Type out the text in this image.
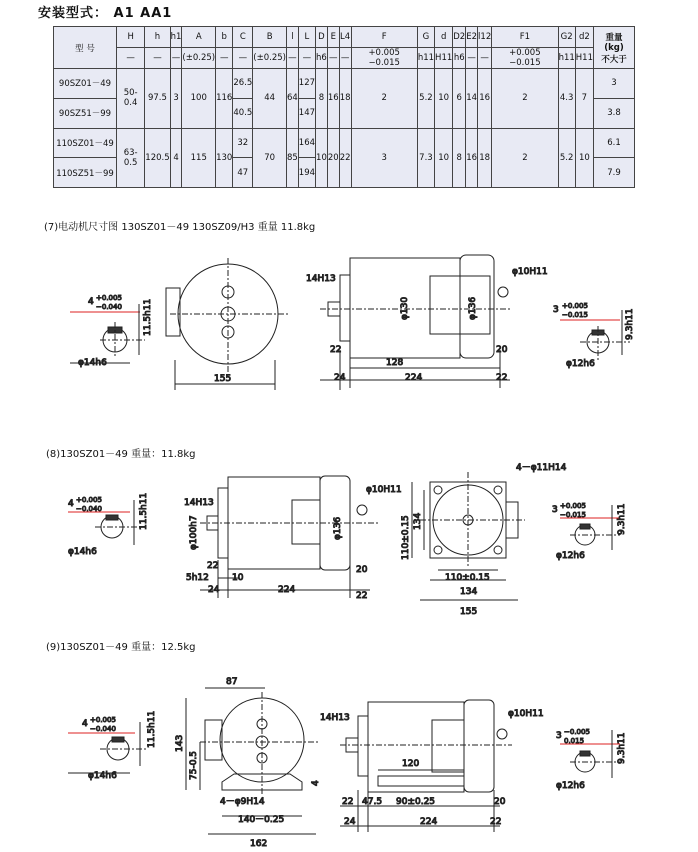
安装型式： A1 AA1
型 号	H	h	h1	A	b	C	B	l	L	D	E	L4	F	G	d	D2	E2	l12	F1	G2	d2	重量
(kg)
不大于
	—	—	—	(±0.25)	—	—	(±0.25)	—	—	h6	—	—	+0.005 −0.015	h11	H11	h6	—	—	+0.005 −0.015	h11	H11	
90SZ01－49	50-0.4	97.5	3	100	116	26.5	44	64	127	8	16	18	2	5.2	10	6	14	16	2	4.3	7	3
90SZ51－99						40.5			147													3.8
110SZ01－49	63-0.5	120.5	4	115	130	32	70	85	164	10	20	22	3	7.3	10	8	16	18	2	5.2	10	6.1
110SZ51－99						47			194													7.9
(7)电动机尺寸图 130SZ01－49 130SZ09/H3 重量 11.8kg
(8)130SZ01－49 重量：11.8kg
(9)130SZ01－49 重量：12.5kg
4 +0.005
−0.040 11.5h11
φ14h6
155
14H13
φ130	φ136
φ10H11
22
128
20
24	224	22
3 +0.005
−0.015	9.3h11
φ12h6
4 +0.005
−0.040	11.5h11
φ14h6
14H13
φ100h7	φ136
φ10H11
22
5h12	10
24	224
20
22
4－φ11H14
110±0.15 134
110±0.15
134
155
3 +0.005
−0.015	9.3h11
φ12h6
4 +0.005
−0.040	11.5h11
φ14h6
87
143
75-0.5
4
4－φ9H14
140－0.25
162
14H13	φ10H11
120
22 47.5 90±0.25	20
24	224	22
3 −0.005
0.015	9.3h11
φ12h6
